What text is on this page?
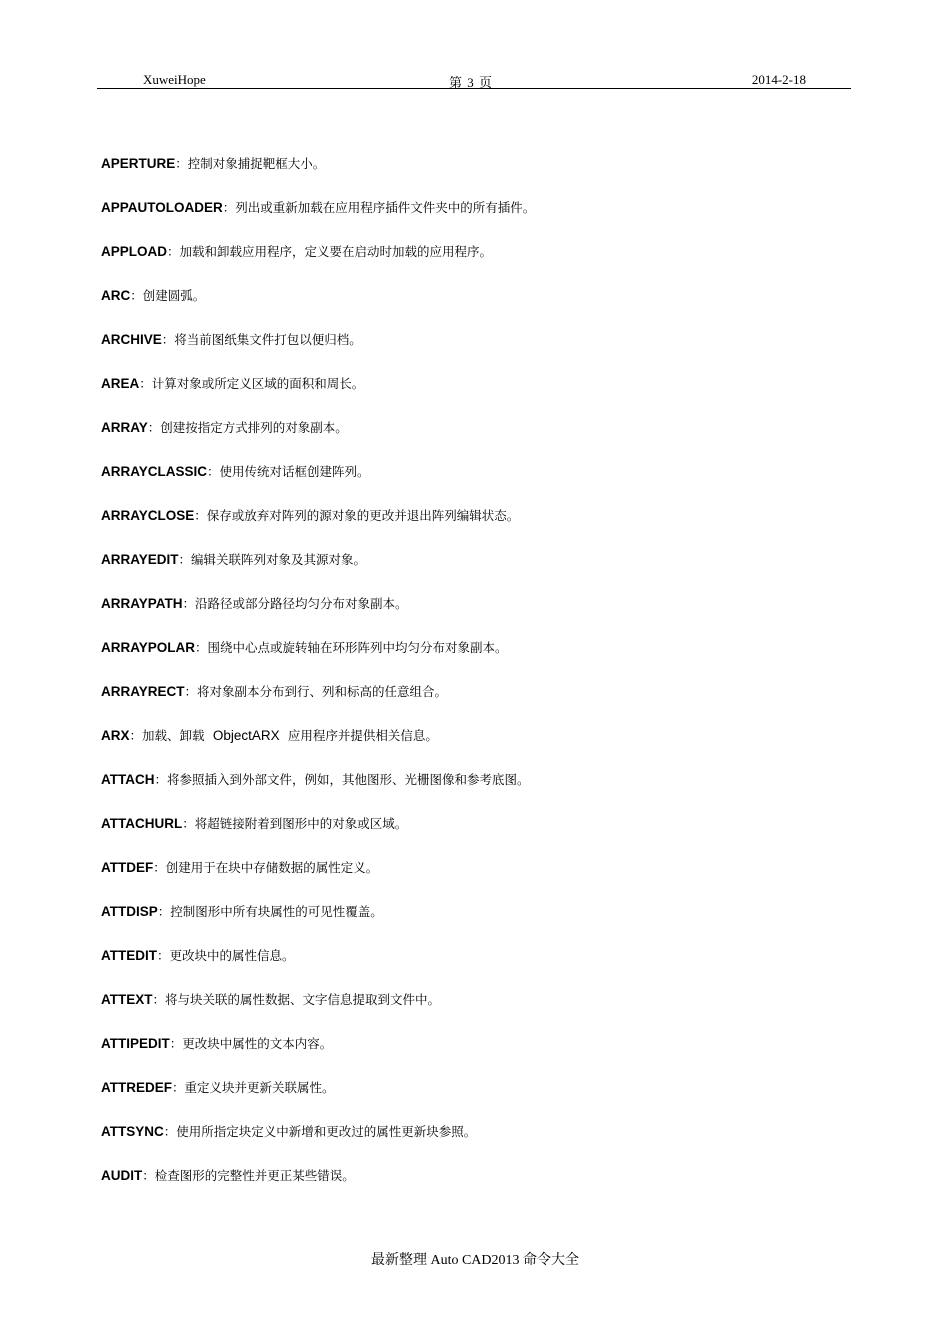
XuweiHope	第 3 页	2014-2-18
APERTURE：控制对象捕捉靶框大小。
APPAUTOLOADER：列出或重新加载在应用程序插件文件夹中的所有插件。
APPLOAD：加载和卸载应用程序，定义要在启动时加载的应用程序。
ARC：创建圆弧。
ARCHIVE：将当前图纸集文件打包以便归档。
AREA：计算对象或所定义区域的面积和周长。
ARRAY：创建按指定方式排列的对象副本。
ARRAYCLASSIC：使用传统对话框创建阵列。
ARRAYCLOSE：保存或放弃对阵列的源对象的更改并退出阵列编辑状态。
ARRAYEDIT：编辑关联阵列对象及其源对象。
ARRAYPATH：沿路径或部分路径均匀分布对象副本。
ARRAYPOLAR：围绕中心点或旋转轴在环形阵列中均匀分布对象副本。
ARRAYRECT：将对象副本分布到行、列和标高的任意组合。
ARX：加载、卸载 ObjectARX 应用程序并提供相关信息。
ATTACH：将参照插入到外部文件，例如，其他图形、光栅图像和参考底图。
ATTACHURL：将超链接附着到图形中的对象或区域。
ATTDEF：创建用于在块中存储数据的属性定义。
ATTDISP：控制图形中所有块属性的可见性覆盖。
ATTEDIT：更改块中的属性信息。
ATTEXT：将与块关联的属性数据、文字信息提取到文件中。
ATTIPEDIT：更改块中属性的文本内容。
ATTREDEF：重定义块并更新关联属性。
ATTSYNC：使用所指定块定义中新增和更改过的属性更新块参照。
AUDIT：检查图形的完整性并更正某些错误。
最新整理 Auto CAD2013 命令大全
